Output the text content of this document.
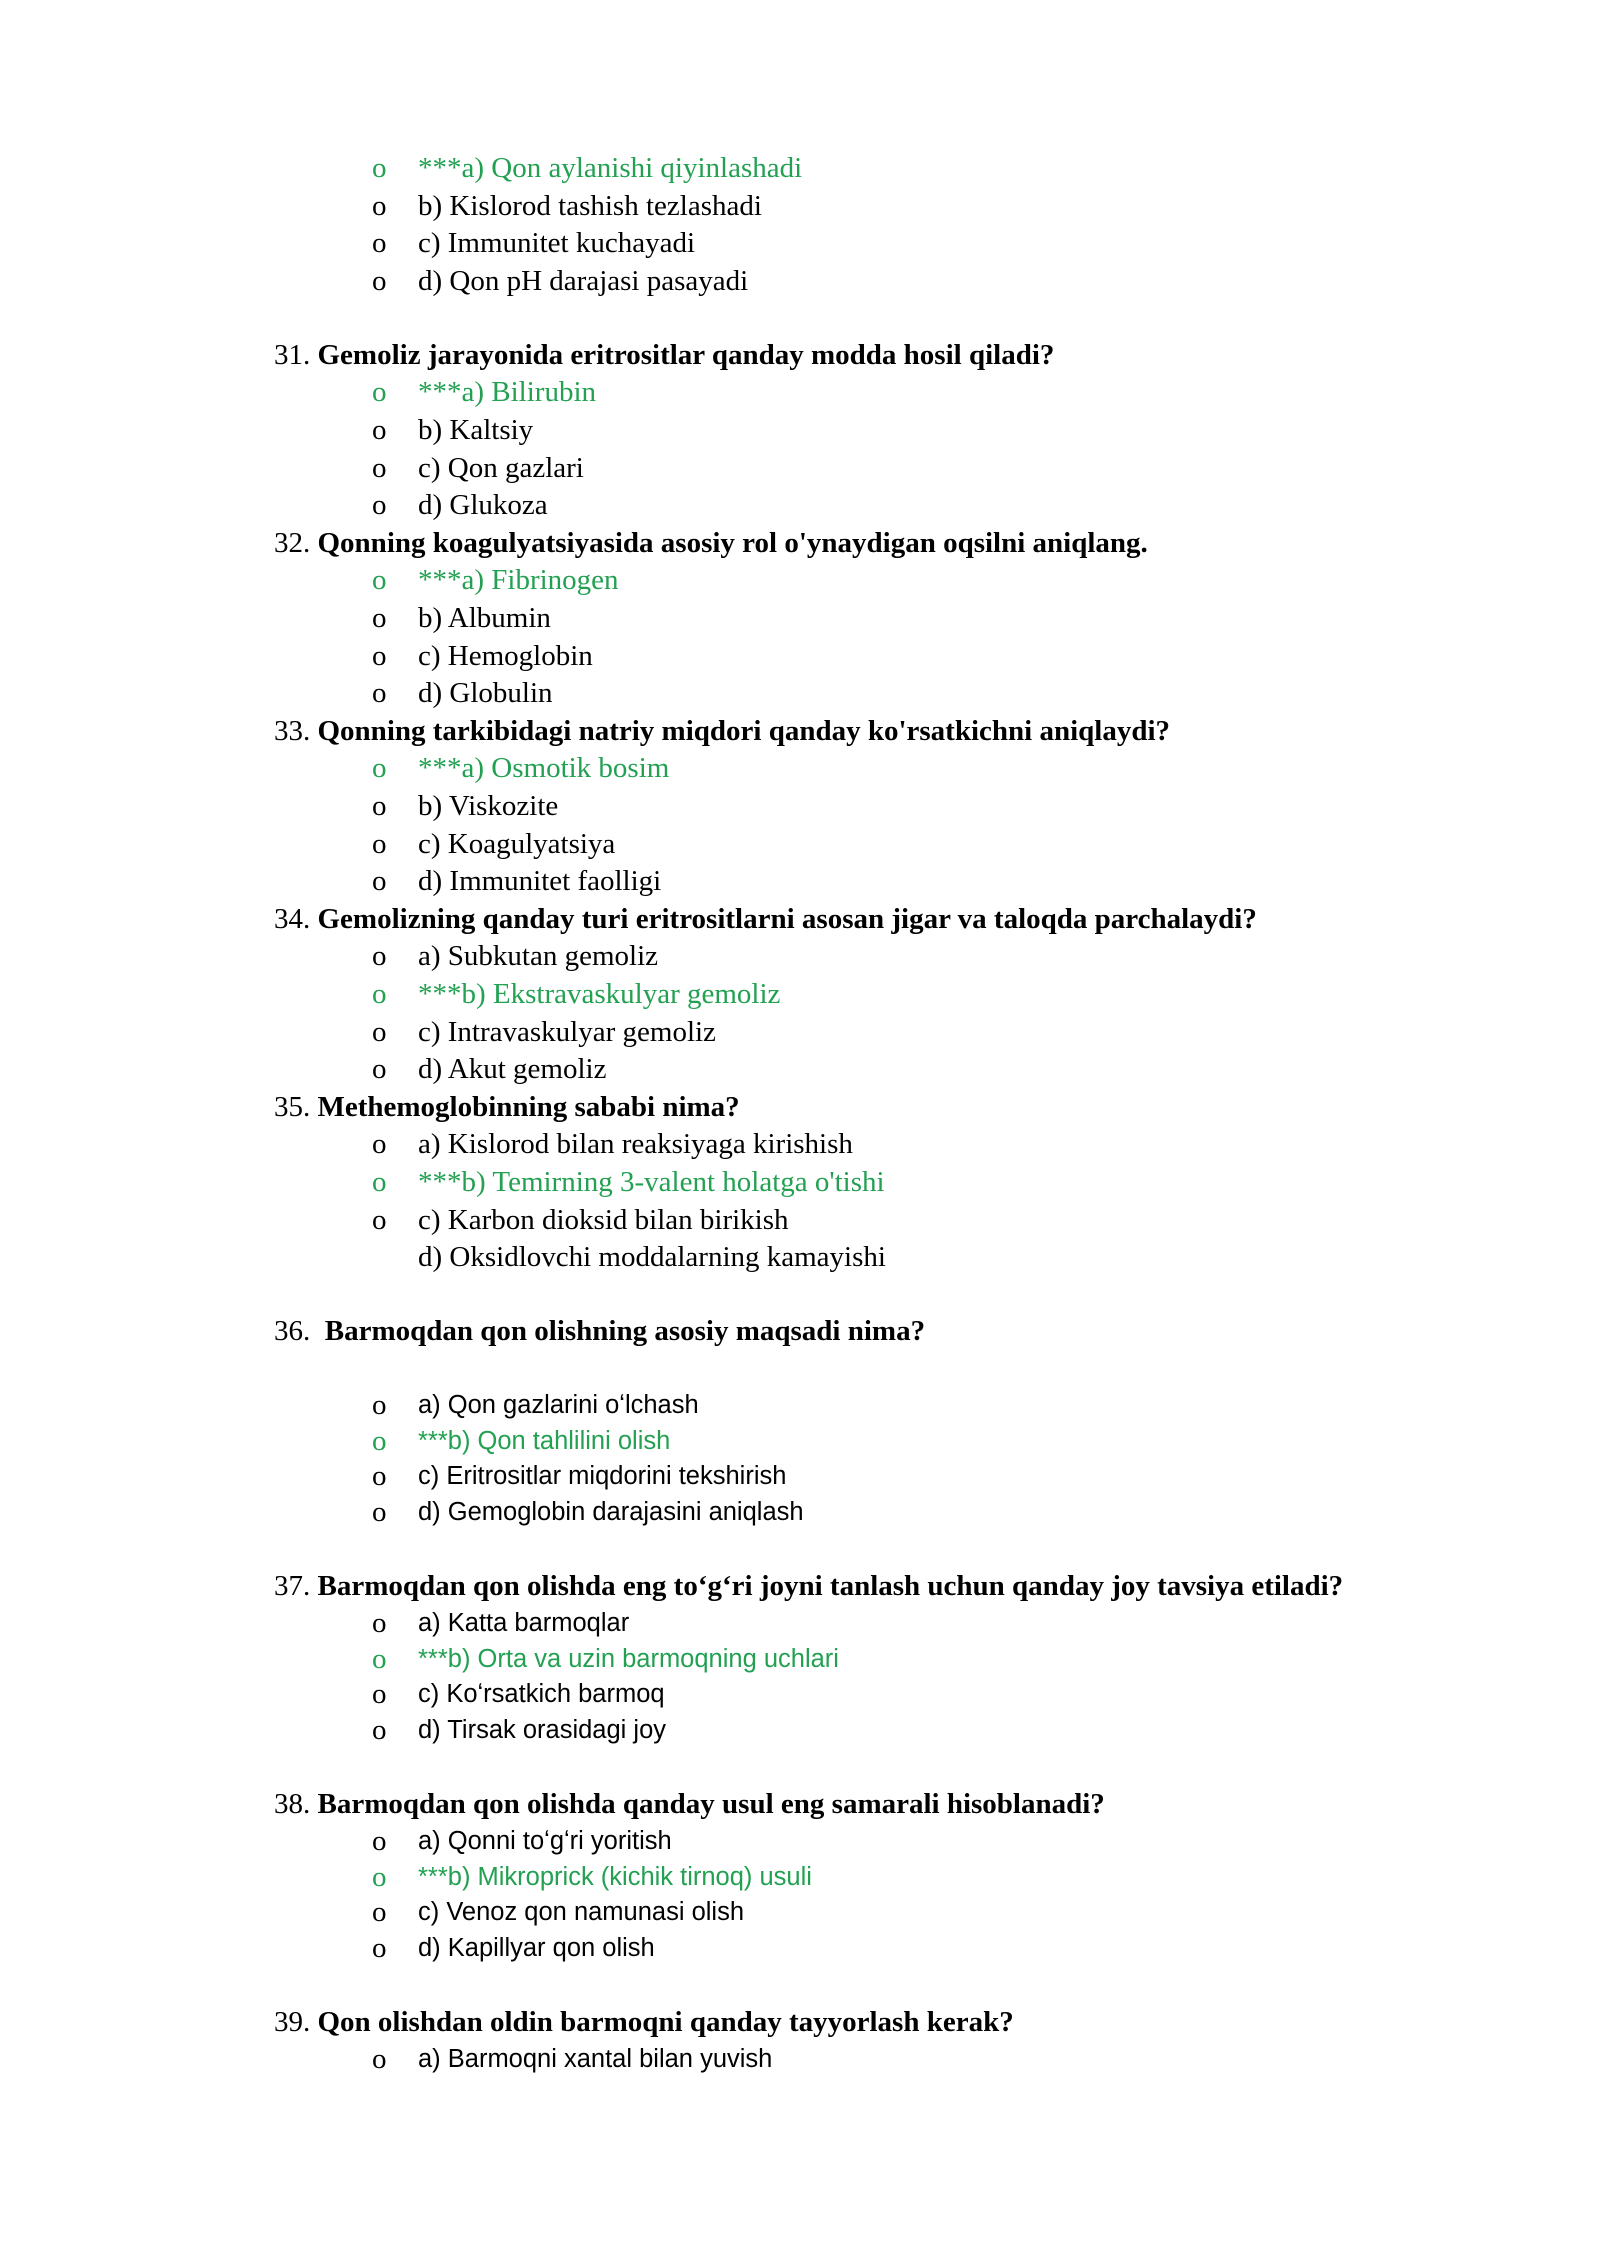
o ***a) Qon aylanishi qiyinlashadi
o b) Kislorod tashish tezlashadi
o c) Immunitet kuchayadi
o d) Qon pH darajasi pasayadi
31. Gemoliz jarayonida eritrositlar qanday modda hosil qiladi?
o ***a) Bilirubin
o b) Kaltsiy
o c) Qon gazlari
o d) Glukoza
32. Qonning koagulyatsiyasida asosiy rol o'ynaydigan oqsilni aniqlang.
o ***a) Fibrinogen
o b) Albumin
o c) Hemoglobin
o d) Globulin
33. Qonning tarkibidagi natriy miqdori qanday ko'rsatkichni aniqlaydi?
o ***a) Osmotik bosim
o b) Viskozite
o c) Koagulyatsiya
o d) Immunitet faolligi
34. Gemolizning qanday turi eritrositlarni asosan jigar va taloqda parchalaydi?
o a) Subkutan gemoliz
o ***b) Ekstravaskulyar gemoliz
o c) Intravaskulyar gemoliz
o d) Akut gemoliz
35. Methemoglobinning sababi nima?
o a) Kislorod bilan reaksiyaga kirishish
o ***b) Temirning 3-valent holatga o'tishi
o c) Karbon dioksid bilan birikish
d) Oksidlovchi moddalarning kamayishi
36. Barmoqdan qon olishning asosiy maqsadi nima?
o a) Qon gazlarini oʻlchash
o ***b) Qon tahlilini olish
o c) Eritrositlar miqdorini tekshirish
o d) Gemoglobin darajasini aniqlash
37. Barmoqdan qon olishda eng to‘g‘ri joyni tanlash uchun qanday joy tavsiya etiladi?
o a) Katta barmoqlar
o ***b) Orta va uzin barmoqning uchlari
o c) Koʻrsatkich barmoq
o d) Tirsak orasidagi joy
38. Barmoqdan qon olishda qanday usul eng samarali hisoblanadi?
o a) Qonni toʻgʻri yoritish
o ***b) Mikroprick (kichik tirnoq) usuli
o c) Venoz qon namunasi olish
o d) Kapillyar qon olish
39. Qon olishdan oldin barmoqni qanday tayyorlash kerak?
o a) Barmoqni xantal bilan yuvish
